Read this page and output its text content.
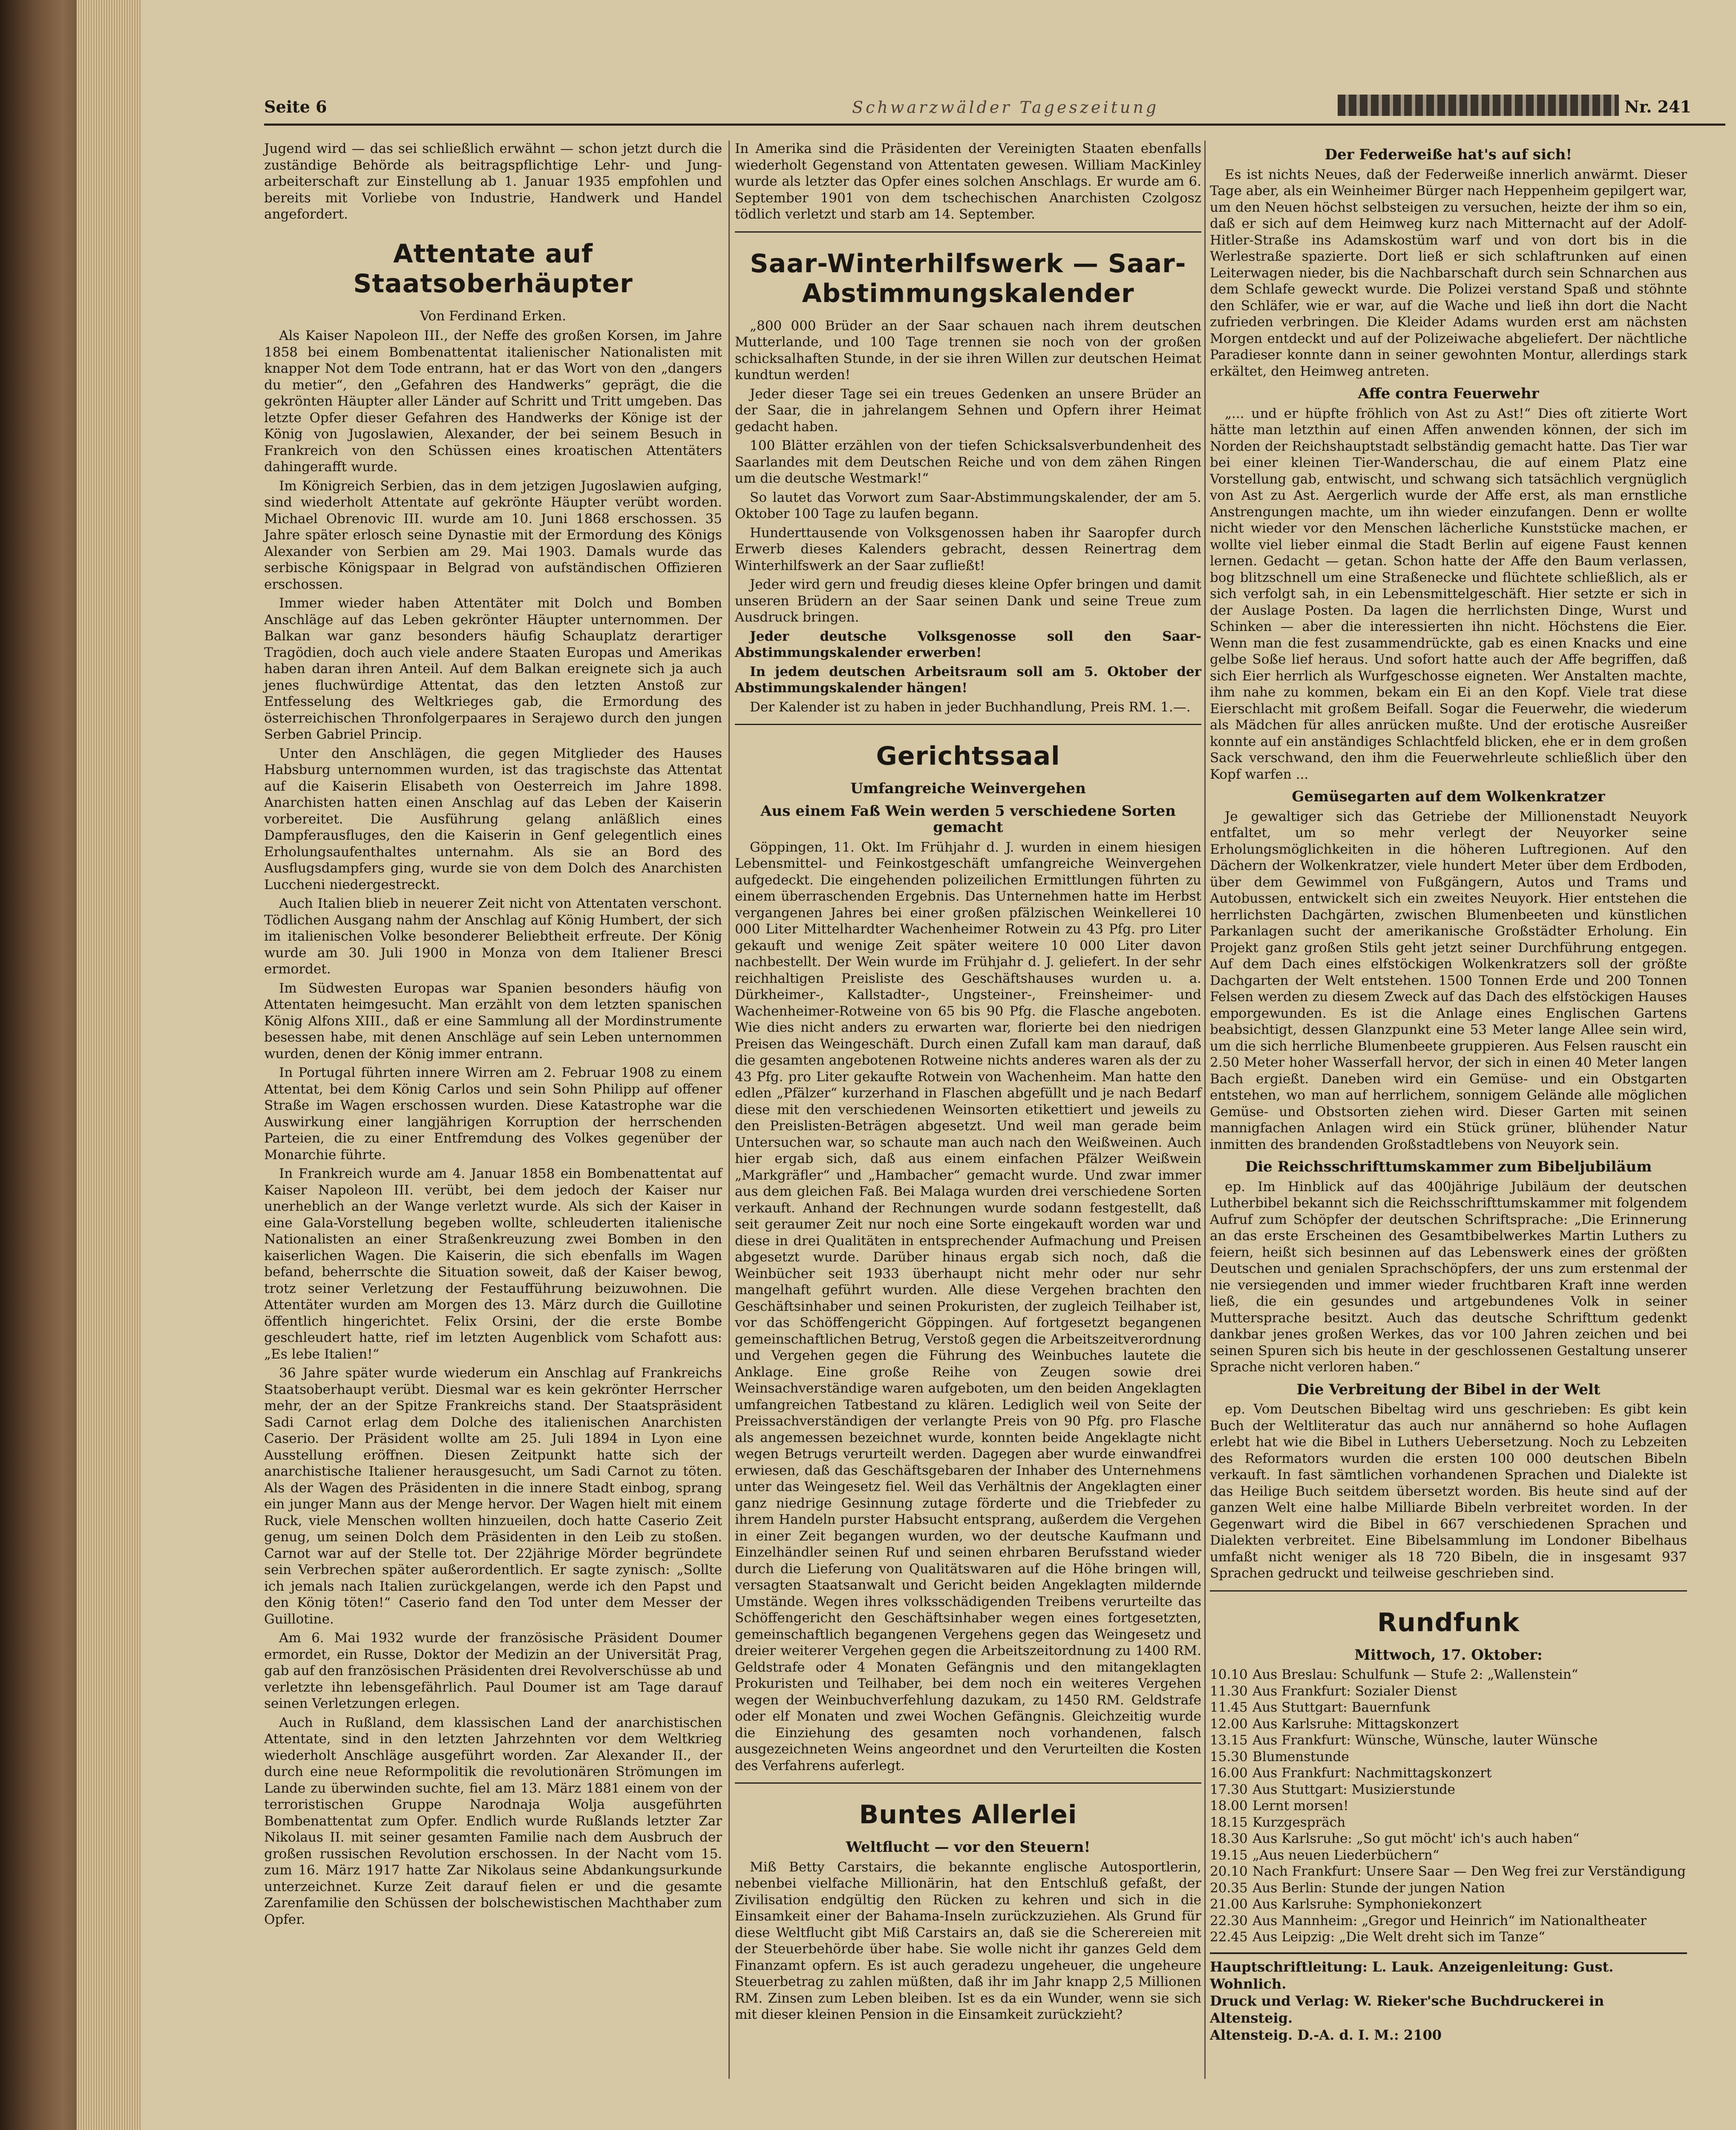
Seite 6	Schwarzwälder Tageszeitung	Nr. 241

Jugend wird — das sei schließlich erwähnt — schon jetzt durch die zuständige Behörde als beitragspflichtige Lehr- und Jung-arbeiterschaft zur Einstellung ab 1. Januar 1935 empfohlen und bereits mit Vorliebe von Industrie, Handwerk und Handel angefordert.

Attentate auf Staatsoberhäupter
Von Ferdinand Erken.

Als Kaiser Napoleon III., der Neffe des großen Korsen, im Jahre 1858 bei einem Bombenattentat italienischer Nationalisten mit knapper Not dem Tode entrann, hat er das Wort von den „dangers du metier“, den „Gefahren des Handwerks“ geprägt, die die gekrönten Häupter aller Länder auf Schritt und Tritt umgeben. Das letzte Opfer dieser Gefahren des Handwerks der Könige ist der König von Jugoslawien, Alexander, der bei seinem Besuch in Frankreich von den Schüssen eines kroatischen Attentäters dahingerafft wurde.

Im Königreich Serbien, das in dem jetzigen Jugoslawien aufging, sind wiederholt Attentate auf gekrönte Häupter verübt worden. Michael Obrenovic III. wurde am 10. Juni 1868 erschossen. 35 Jahre später erlosch seine Dynastie mit der Ermordung des Königs Alexander von Serbien am 29. Mai 1903. Damals wurde das serbische Königspaar in Belgrad von aufständischen Offizieren erschossen.

Immer wieder haben Attentäter mit Dolch und Bomben Anschläge auf das Leben gekrönter Häupter unternommen. Der Balkan war ganz besonders häufig Schauplatz derartiger Tragödien, doch auch viele andere Staaten Europas und Amerikas haben daran ihren Anteil. Auf dem Balkan ereignete sich ja auch jenes fluchwürdige Attentat, das den letzten Anstoß zur Entfesselung des Weltkrieges gab, die Ermordung des österreichischen Thronfolgerpaares in Serajewo durch den jungen Serben Gabriel Princip.

Unter den Anschlägen, die gegen Mitglieder des Hauses Habsburg unternommen wurden, ist das tragischste das Attentat auf die Kaiserin Elisabeth von Oesterreich im Jahre 1898. Anarchisten hatten einen Anschlag auf das Leben der Kaiserin vorbereitet. Die Ausführung gelang anläßlich eines Dampferausfluges, den die Kaiserin in Genf gelegentlich eines Erholungsaufenthaltes unternahm. Als sie an Bord des Ausflugsdampfers ging, wurde sie von dem Dolch des Anarchisten Luccheni niedergestreckt.

Auch Italien blieb in neuerer Zeit nicht von Attentaten verschont. Tödlichen Ausgang nahm der Anschlag auf König Humbert, der sich im italienischen Volke besonderer Beliebtheit erfreute. Der König wurde am 30. Juli 1900 in Monza von dem Italiener Bresci ermordet.

Im Südwesten Europas war Spanien besonders häufig von Attentaten heimgesucht. Man erzählt von dem letzten spanischen König Alfons XIII., daß er eine Sammlung all der Mordinstrumente besessen habe, mit denen Anschläge auf sein Leben unternommen wurden, denen der König immer entrann.

In Portugal führten innere Wirren am 2. Februar 1908 zu einem Attentat, bei dem König Carlos und sein Sohn Philipp auf offener Straße im Wagen erschossen wurden. Diese Katastrophe war die Auswirkung einer langjährigen Korruption der herrschenden Parteien, die zu einer Entfremdung des Volkes gegenüber der Monarchie führte.

In Frankreich wurde am 4. Januar 1858 ein Bombenattentat auf Kaiser Napoleon III. verübt, bei dem jedoch der Kaiser nur unerheblich an der Wange verletzt wurde. Als sich der Kaiser in eine Gala-Vorstellung begeben wollte, schleuderten italienische Nationalisten an einer Straßenkreuzung zwei Bomben in den kaiserlichen Wagen. Die Kaiserin, die sich ebenfalls im Wagen befand, beherrschte die Situation soweit, daß der Kaiser bewog, trotz seiner Verletzung der Festaufführung beizuwohnen. Die Attentäter wurden am Morgen des 13. März durch die Guillotine öffentlich hingerichtet. Felix Orsini, der die erste Bombe geschleudert hatte, rief im letzten Augenblick vom Schafott aus: „Es lebe Italien!“

36 Jahre später wurde wiederum ein Anschlag auf Frankreichs Staatsoberhaupt verübt. Diesmal war es kein gekrönter Herrscher mehr, der an der Spitze Frankreichs stand. Der Staatspräsident Sadi Carnot erlag dem Dolche des italienischen Anarchisten Caserio. Der Präsident wollte am 25. Juli 1894 in Lyon eine Ausstellung eröffnen. Diesen Zeitpunkt hatte sich der anarchistische Italiener herausgesucht, um Sadi Carnot zu töten. Als der Wagen des Präsidenten in die innere Stadt einbog, sprang ein junger Mann aus der Menge hervor. Der Wagen hielt mit einem Ruck, viele Menschen wollten hinzueilen, doch hatte Caserio Zeit genug, um seinen Dolch dem Präsidenten in den Leib zu stoßen. Carnot war auf der Stelle tot. Der 22jährige Mörder begründete sein Verbrechen später außerordentlich. Er sagte zynisch: „Sollte ich jemals nach Italien zurückgelangen, werde ich den Papst und den König töten!“ Caserio fand den Tod unter dem Messer der Guillotine.

Am 6. Mai 1932 wurde der französische Präsident Doumer ermordet, ein Russe, Doktor der Medizin an der Universität Prag, gab auf den französischen Präsidenten drei Revolverschüsse ab und verletzte ihn lebensgefährlich. Paul Doumer ist am Tage darauf seinen Verletzungen erlegen.

Auch in Rußland, dem klassischen Land der anarchistischen Attentate, sind in den letzten Jahrzehnten vor dem Weltkrieg wiederholt Anschläge ausgeführt worden. Zar Alexander II., der durch eine neue Reformpolitik die revolutionären Strömungen im Lande zu überwinden suchte, fiel am 13. März 1881 einem von der terroristischen Gruppe Narodnaja Wolja ausgeführten Bombenattentat zum Opfer. Endlich wurde Rußlands letzter Zar Nikolaus II. mit seiner gesamten Familie nach dem Ausbruch der großen russischen Revolution erschossen. In der Nacht vom 15. zum 16. März 1917 hatte Zar Nikolaus seine Abdankungsurkunde unterzeichnet. Kurze Zeit darauf fielen er und die gesamte Zarenfamilie den Schüssen der bolschewistischen Machthaber zum Opfer.

In Amerika sind die Präsidenten der Vereinigten Staaten ebenfalls wiederholt Gegenstand von Attentaten gewesen. William MacKinley wurde als letzter das Opfer eines solchen Anschlags. Er wurde am 6. September 1901 von dem tschechischen Anarchisten Czolgosz tödlich verletzt und starb am 14. September.

Saar-Winterhilfswerk — Saar-Abstimmungskalender

„800 000 Brüder an der Saar schauen nach ihrem deutschen Mutterlande, und 100 Tage trennen sie noch von der großen schicksalhaften Stunde, in der sie ihren Willen zur deutschen Heimat kundtun werden!

Jeder dieser Tage sei ein treues Gedenken an unsere Brüder an der Saar, die in jahrelangem Sehnen und Opfern ihrer Heimat gedacht haben.

100 Blätter erzählen von der tiefen Schicksalsverbundenheit des Saarlandes mit dem Deutschen Reiche und von dem zähen Ringen um die deutsche Westmark!“

So lautet das Vorwort zum Saar-Abstimmungskalender, der am 5. Oktober 100 Tage zu laufen begann.

Hunderttausende von Volksgenossen haben ihr Saaropfer durch Erwerb dieses Kalenders gebracht, dessen Reinertrag dem Winterhilfswerk an der Saar zufließt!

Jeder wird gern und freudig dieses kleine Opfer bringen und damit unseren Brüdern an der Saar seinen Dank und seine Treue zum Ausdruck bringen.

Jeder deutsche Volksgenosse soll den Saar-Abstimmungskalender erwerben!

In jedem deutschen Arbeitsraum soll am 5. Oktober der Abstimmungskalender hängen!

Der Kalender ist zu haben in jeder Buchhandlung, Preis RM. 1.—.

Gerichtssaal
Umfangreiche Weinvergehen
Aus einem Faß Wein werden 5 verschiedene Sorten gemacht

Göppingen, 11. Okt. Im Frühjahr d. J. wurden in einem hiesigen Lebensmittel- und Feinkostgeschäft umfangreiche Weinvergehen aufgedeckt. Die eingehenden polizeilichen Ermittlungen führten zu einem überraschenden Ergebnis. Das Unternehmen hatte im Herbst vergangenen Jahres bei einer großen pfälzischen Weinkellerei 10 000 Liter Mittelhardter Wachenheimer Rotwein zu 43 Pfg. pro Liter gekauft und wenige Zeit später weitere 10 000 Liter davon nachbestellt. Der Wein wurde im Frühjahr d. J. geliefert. In der sehr reichhaltigen Preisliste des Geschäftshauses wurden u. a. Dürkheimer-, Kallstadter-, Ungsteiner-, Freinsheimer- und Wachenheimer-Rotweine von 65 bis 90 Pfg. die Flasche angeboten. Wie dies nicht anders zu erwarten war, florierte bei den niedrigen Preisen das Weingeschäft. Durch einen Zufall kam man darauf, daß die gesamten angebotenen Rotweine nichts anderes waren als der zu 43 Pfg. pro Liter gekaufte Rotwein von Wachenheim. Man hatte den edlen „Pfälzer“ kurzerhand in Flaschen abgefüllt und je nach Bedarf diese mit den verschiedenen Weinsorten etikettiert und jeweils zu den Preislisten-Beträgen abgesetzt. Und weil man gerade beim Untersuchen war, so schaute man auch nach den Weißweinen. Auch hier ergab sich, daß aus einem einfachen Pfälzer Weißwein „Markgräfler“ und „Hambacher“ gemacht wurde. Und zwar immer aus dem gleichen Faß. Bei Malaga wurden drei verschiedene Sorten verkauft. Anhand der Rechnungen wurde sodann festgestellt, daß seit geraumer Zeit nur noch eine Sorte eingekauft worden war und diese in drei Qualitäten in entsprechender Aufmachung und Preisen abgesetzt wurde. Darüber hinaus ergab sich noch, daß die Weinbücher seit 1933 überhaupt nicht mehr oder nur sehr mangelhaft geführt wurden. Alle diese Vergehen brachten den Geschäftsinhaber und seinen Prokuristen, der zugleich Teilhaber ist, vor das Schöffengericht Göppingen. Auf fortgesetzt begangenen gemeinschaftlichen Betrug, Verstoß gegen die Arbeitszeitverordnung und Vergehen gegen die Führung des Weinbuches lautete die Anklage. Eine große Reihe von Zeugen sowie drei Weinsachverständige waren aufgeboten, um den beiden Angeklagten umfangreichen Tatbestand zu klären. Lediglich weil von Seite der Preissachverständigen der verlangte Preis von 90 Pfg. pro Flasche als angemessen bezeichnet wurde, konnten beide Angeklagte nicht wegen Betrugs verurteilt werden. Dagegen aber wurde einwandfrei erwiesen, daß das Geschäftsgebaren der Inhaber des Unternehmens unter das Weingesetz fiel. Weil das Verhältnis der Angeklagten einer ganz niedrige Gesinnung zutage förderte und die Triebfeder zu ihrem Handeln purster Habsucht entsprang, außerdem die Vergehen in einer Zeit begangen wurden, wo der deutsche Kaufmann und Einzelhändler seinen Ruf und seinen ehrbaren Berufsstand wieder durch die Lieferung von Qualitätswaren auf die Höhe bringen will, versagten Staatsanwalt und Gericht beiden Angeklagten mildernde Umstände. Wegen ihres volksschädigenden Treibens verurteilte das Schöffengericht den Geschäftsinhaber wegen eines fortgesetzten, gemeinschaftlich begangenen Vergehens gegen das Weingesetz und dreier weiterer Vergehen gegen die Arbeitszeitordnung zu 1400 RM. Geldstrafe oder 4 Monaten Gefängnis und den mitangeklagten Prokuristen und Teilhaber, bei dem noch ein weiteres Vergehen wegen der Weinbuchverfehlung dazukam, zu 1450 RM. Geldstrafe oder elf Monaten und zwei Wochen Gefängnis. Gleichzeitig wurde die Einziehung des gesamten noch vorhandenen, falsch ausgezeichneten Weins angeordnet und den Verurteilten die Kosten des Verfahrens auferlegt.

Buntes Allerlei
Weltflucht — vor den Steuern!

Miß Betty Carstairs, die bekannte englische Autosportlerin, nebenbei vielfache Millionärin, hat den Entschluß gefaßt, der Zivilisation endgültig den Rücken zu kehren und sich in die Einsamkeit einer der Bahama-Inseln zurückzuziehen. Als Grund für diese Weltflucht gibt Miß Carstairs an, daß sie die Scherereien mit der Steuerbehörde über habe. Sie wolle nicht ihr ganzes Geld dem Finanzamt opfern. Es ist auch geradezu ungeheuer, die ungeheure Steuerbetrag zu zahlen müßten, daß ihr im Jahr knapp 2,5 Millionen RM. Zinsen zum Leben bleiben. Ist es da ein Wunder, wenn sie sich mit dieser kleinen Pension in die Einsamkeit zurückzieht?

Der Federweiße hat's auf sich!

Es ist nichts Neues, daß der Federweiße innerlich anwärmt. Dieser Tage aber, als ein Weinheimer Bürger nach Heppenheim gepilgert war, um den Neuen höchst selbsteigen zu versuchen, heizte der ihm so ein, daß er sich auf dem Heimweg kurz nach Mitternacht auf der Adolf-Hitler-Straße ins Adamskostüm warf und von dort bis in die Werlestraße spazierte. Dort ließ er sich schlaftrunken auf einen Leiterwagen nieder, bis die Nachbarschaft durch sein Schnarchen aus dem Schlafe geweckt wurde. Die Polizei verstand Spaß und stöhnte den Schläfer, wie er war, auf die Wache und ließ ihn dort die Nacht zufrieden verbringen. Die Kleider Adams wurden erst am nächsten Morgen entdeckt und auf der Polizeiwache abgeliefert. Der nächtliche Paradieser konnte dann in seiner gewohnten Montur, allerdings stark erkältet, den Heimweg antreten.

Affe contra Feuerwehr

„... und er hüpfte fröhlich von Ast zu Ast!“ Dies oft zitierte Wort hätte man letzthin auf einen Affen anwenden können, der sich im Norden der Reichshauptstadt selbständig gemacht hatte. Das Tier war bei einer kleinen Tier-Wanderschau, die auf einem Platz eine Vorstellung gab, entwischt, und schwang sich tatsächlich vergnüglich von Ast zu Ast. Aergerlich wurde der Affe erst, als man ernstliche Anstrengungen machte, um ihn wieder einzufangen. Denn er wollte nicht wieder vor den Menschen lächerliche Kunststücke machen, er wollte viel lieber einmal die Stadt Berlin auf eigene Faust kennen lernen. Gedacht — getan. Schon hatte der Affe den Baum verlassen, bog blitzschnell um eine Straßenecke und flüchtete schließlich, als er sich verfolgt sah, in ein Lebensmittelgeschäft. Hier setzte er sich in der Auslage Posten. Da lagen die herrlichsten Dinge, Wurst und Schinken — aber die interessierten ihn nicht. Höchstens die Eier. Wenn man die fest zusammendrückte, gab es einen Knacks und eine gelbe Soße lief heraus. Und sofort hatte auch der Affe begriffen, daß sich Eier herrlich als Wurfgeschosse eigneten. Wer Anstalten machte, ihm nahe zu kommen, bekam ein Ei an den Kopf. Viele trat diese Eierschlacht mit großem Beifall. Sogar die Feuerwehr, die wiederum als Mädchen für alles anrücken mußte. Und der erotische Ausreißer konnte auf ein anständiges Schlachtfeld blicken, ehe er in dem großen Sack verschwand, den ihm die Feuerwehrleute schließlich über den Kopf warfen ...

Gemüsegarten auf dem Wolkenkratzer

Je gewaltiger sich das Getriebe der Millionenstadt Neuyork entfaltet, um so mehr verlegt der Neuyorker seine Erholungsmöglichkeiten in die höheren Luftregionen. Auf den Dächern der Wolkenkratzer, viele hundert Meter über dem Erdboden, über dem Gewimmel von Fußgängern, Autos und Trams und Autobussen, entwickelt sich ein zweites Neuyork. Hier entstehen die herrlichsten Dachgärten, zwischen Blumenbeeten und künstlichen Parkanlagen sucht der amerikanische Großstädter Erholung. Ein Projekt ganz großen Stils geht jetzt seiner Durchführung entgegen. Auf dem Dach eines elfstöckigen Wolkenkratzers soll der größte Dachgarten der Welt entstehen. 1500 Tonnen Erde und 200 Tonnen Felsen werden zu diesem Zweck auf das Dach des elfstöckigen Hauses emporgewunden. Es ist die Anlage eines Englischen Gartens beabsichtigt, dessen Glanzpunkt eine 53 Meter lange Allee sein wird, um die sich herrliche Blumenbeete gruppieren. Aus Felsen rauscht ein 2.50 Meter hoher Wasserfall hervor, der sich in einen 40 Meter langen Bach ergießt. Daneben wird ein Gemüse- und ein Obstgarten entstehen, wo man auf herrlichem, sonnigem Gelände alle möglichen Gemüse- und Obstsorten ziehen wird. Dieser Garten mit seinen mannigfachen Anlagen wird ein Stück grüner, blühender Natur inmitten des brandenden Großstadtlebens von Neuyork sein.

Die Reichsschrifttumskammer zum Bibeljubiläum

ep. Im Hinblick auf das 400jährige Jubiläum der deutschen Lutherbibel bekannt sich die Reichsschrifttumskammer mit folgendem Aufruf zum Schöpfer der deutschen Schriftsprache: „Die Erinnerung an das erste Erscheinen des Gesamtbibelwerkes Martin Luthers zu feiern, heißt sich besinnen auf das Lebenswerk eines der größten Deutschen und genialen Sprachschöpfers, der uns zum erstenmal der nie versiegenden und immer wieder fruchtbaren Kraft inne werden ließ, die ein gesundes und artgebundenes Volk in seiner Muttersprache besitzt. Auch das deutsche Schrifttum gedenkt dankbar jenes großen Werkes, das vor 100 Jahren zeichen und bei seinen Spuren sich bis heute in der geschlossenen Gestaltung unserer Sprache nicht verloren haben.“

Die Verbreitung der Bibel in der Welt

ep. Vom Deutschen Bibeltag wird uns geschrieben: Es gibt kein Buch der Weltliteratur das auch nur annähernd so hohe Auflagen erlebt hat wie die Bibel in Luthers Uebersetzung. Noch zu Lebzeiten des Reformators wurden die ersten 100 000 deutschen Bibeln verkauft. In fast sämtlichen vorhandenen Sprachen und Dialekte ist das Heilige Buch seitdem übersetzt worden. Bis heute sind auf der ganzen Welt eine halbe Milliarde Bibeln verbreitet worden. In der Gegenwart wird die Bibel in 667 verschiedenen Sprachen und Dialekten verbreitet. Eine Bibelsammlung im Londoner Bibelhaus umfaßt nicht weniger als 18 720 Bibeln, die in insgesamt 937 Sprachen gedruckt und teilweise geschrieben sind.

Rundfunk
Mittwoch, 17. Oktober:
10.10 Aus Breslau: Schulfunk — Stufe 2: „Wallenstein“
11.30 Aus Frankfurt: Sozialer Dienst
11.45 Aus Stuttgart: Bauernfunk
12.00 Aus Karlsruhe: Mittagskonzert
13.15 Aus Frankfurt: Wünsche, Wünsche, lauter Wünsche
15.30 Blumenstunde
16.00 Aus Frankfurt: Nachmittagskonzert
17.30 Aus Stuttgart: Musizierstunde
18.00 Lernt morsen!
18.15 Kurzgespräch
18.30 Aus Karlsruhe: „So gut möcht' ich's auch haben“
19.15 „Aus neuen Liederbüchern“
20.10 Nach Frankfurt: Unsere Saar — Den Weg frei zur Verständigung
20.35 Aus Berlin: Stunde der jungen Nation
21.00 Aus Karlsruhe: Symphoniekonzert
22.30 Aus Mannheim: „Gregor und Heinrich“ im Nationaltheater
22.45 Aus Leipzig: „Die Welt dreht sich im Tanze“
Hauptschriftleitung: L. Lauk. Anzeigenleitung: Gust. Wohnlich.
Druck und Verlag: W. Rieker'sche Buchdruckerei in Altensteig.
Altensteig. D.-A. d. I. M.: 2100
